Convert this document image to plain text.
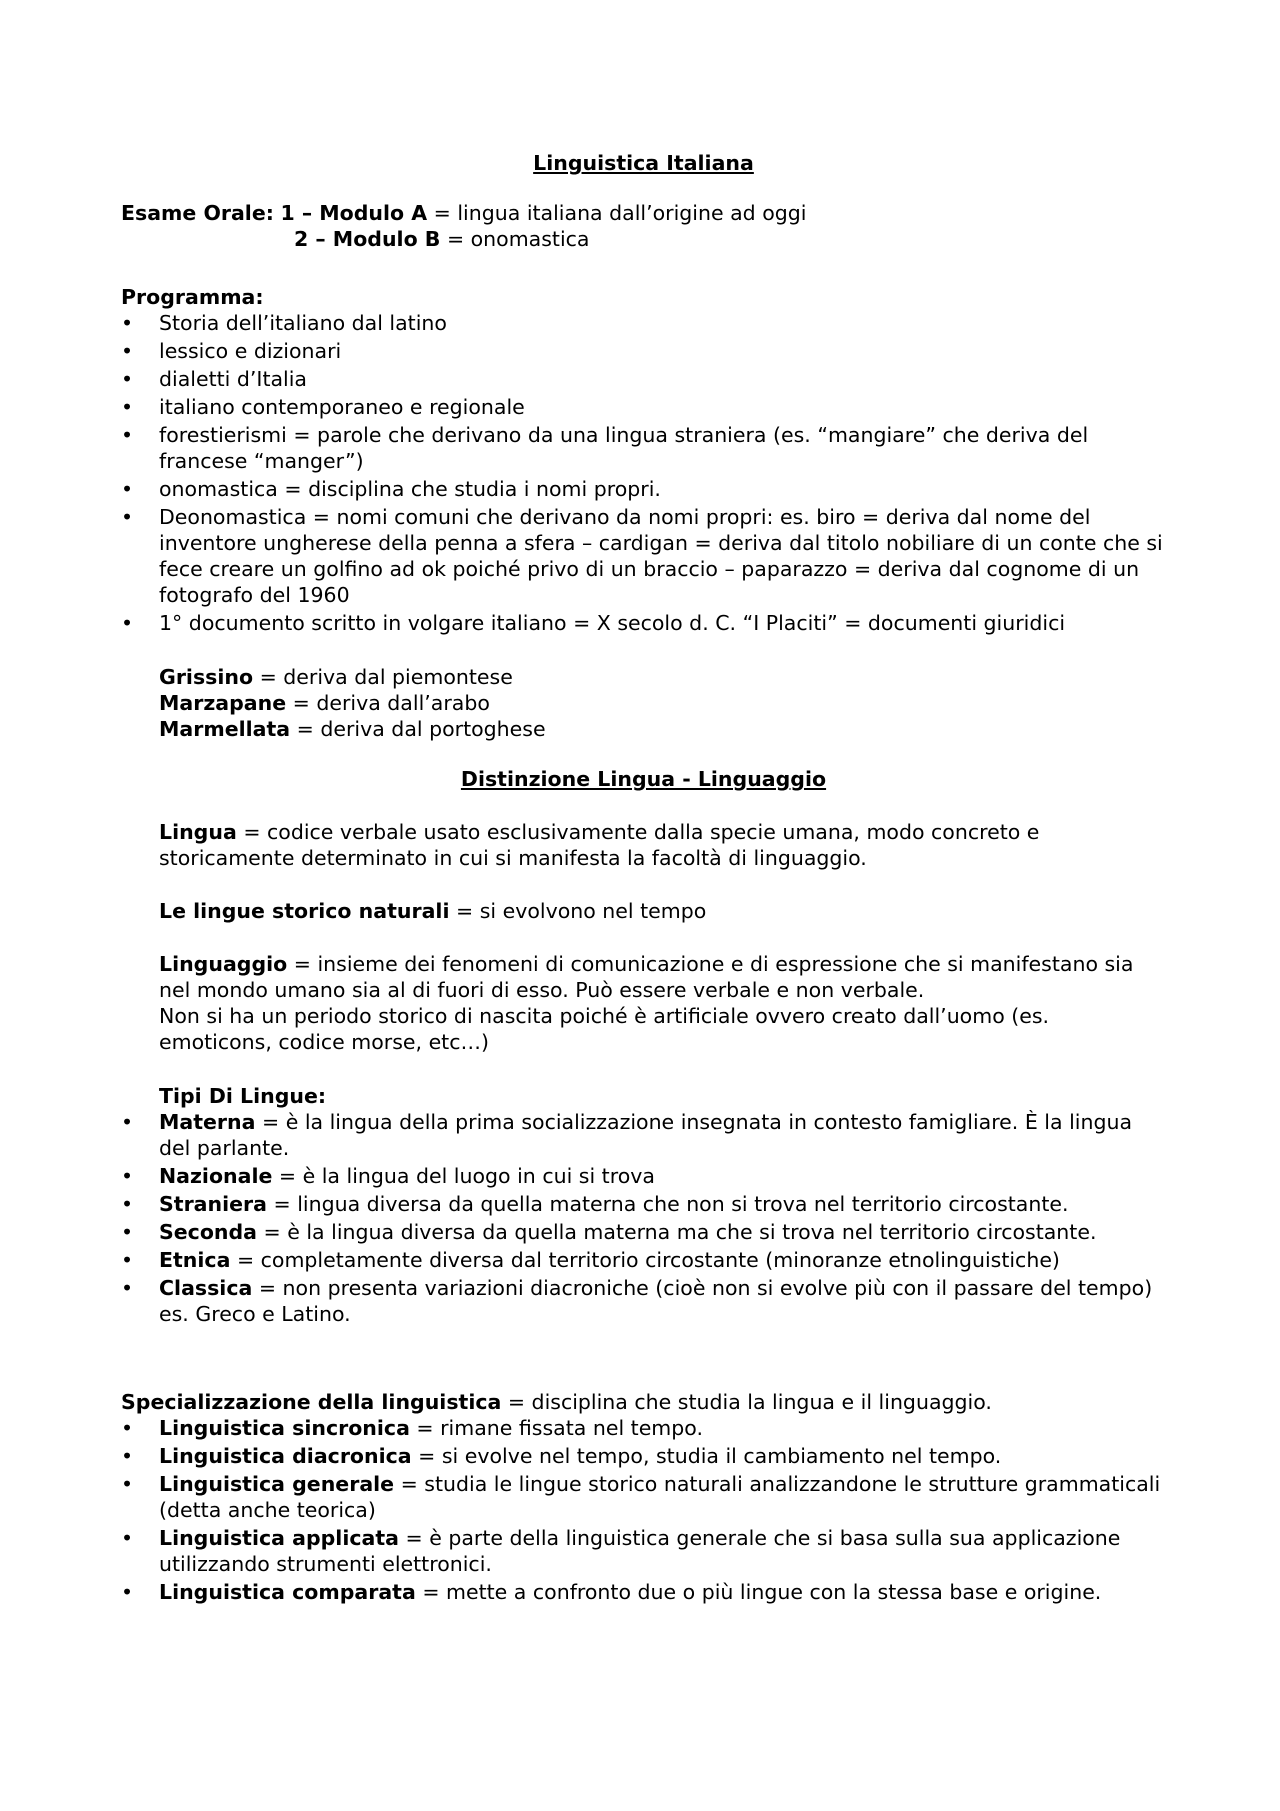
Linguistica Italiana
Esame Orale: 1 – Modulo A = lingua italiana dall’origine ad oggi
2 – Modulo B = onomastica
Programma:
• Storia dell’italiano dal latino
• lessico e dizionari
• dialetti d’Italia
• italiano contemporaneo e regionale
• forestierismi = parole che derivano da una lingua straniera (es. “mangiare” che deriva del francese “manger”)
• onomastica = disciplina che studia i nomi propri.
• Deonomastica = nomi comuni che derivano da nomi propri: es. biro = deriva dal nome del inventore ungherese della penna a sfera – cardigan = deriva dal titolo nobiliare di un conte che si fece creare un golfino ad ok poiché privo di un braccio – paparazzo = deriva dal cognome di un fotografo del 1960
• 1° documento scritto in volgare italiano = X secolo d. C. “I Placiti” = documenti giuridici
Grissino = deriva dal piemontese
Marzapane = deriva dall’arabo
Marmellata = deriva dal portoghese
Distinzione Lingua - Linguaggio
Lingua = codice verbale usato esclusivamente dalla specie umana, modo concreto e storicamente determinato in cui si manifesta la facoltà di linguaggio.
Le lingue storico naturali = si evolvono nel tempo
Linguaggio = insieme dei fenomeni di comunicazione e di espressione che si manifestano sia nel mondo umano sia al di fuori di esso. Può essere verbale e non verbale.
Non si ha un periodo storico di nascita poiché è artificiale ovvero creato dall’uomo (es. emoticons, codice morse, etc…)
Tipi Di Lingue:
• Materna = è la lingua della prima socializzazione insegnata in contesto famigliare. È la lingua del parlante.
• Nazionale = è la lingua del luogo in cui si trova
• Straniera = lingua diversa da quella materna che non si trova nel territorio circostante.
• Seconda = è la lingua diversa da quella materna ma che si trova nel territorio circostante.
• Etnica = completamente diversa dal territorio circostante (minoranze etnolinguistiche)
• Classica = non presenta variazioni diacroniche (cioè non si evolve più con il passare del tempo) es. Greco e Latino.
Specializzazione della linguistica = disciplina che studia la lingua e il linguaggio.
• Linguistica sincronica = rimane fissata nel tempo.
• Linguistica diacronica = si evolve nel tempo, studia il cambiamento nel tempo.
• Linguistica generale = studia le lingue storico naturali analizzandone le strutture grammaticali (detta anche teorica)
• Linguistica applicata = è parte della linguistica generale che si basa sulla sua applicazione utilizzando strumenti elettronici.
• Linguistica comparata = mette a confronto due o più lingue con la stessa base e origine.
